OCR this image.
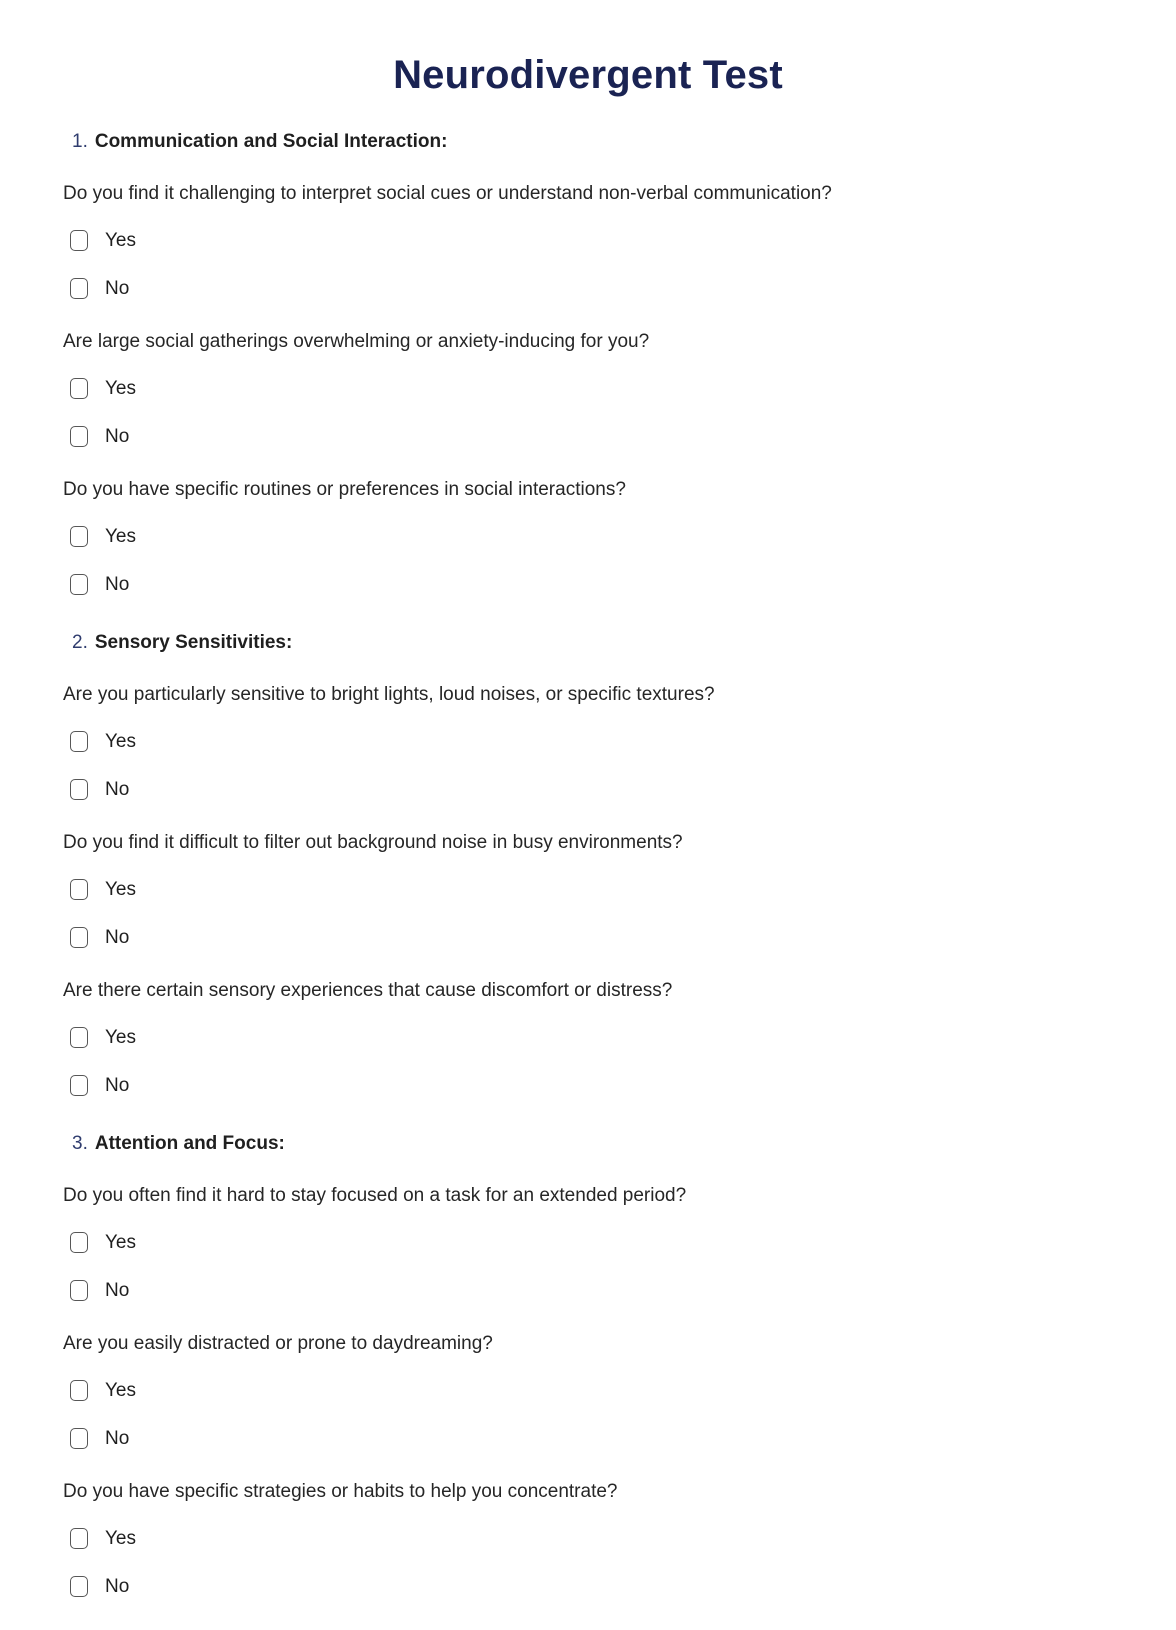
Neurodivergent Test
1. Communication and Social Interaction:

Do you find it challenging to interpret social cues or understand non-verbal communication?

Yes
No

Are large social gatherings overwhelming or anxiety-inducing for you?

Yes
No

Do you have specific routines or preferences in social interactions?

Yes
No
2. Sensory Sensitivities:

Are you particularly sensitive to bright lights, loud noises, or specific textures?

Yes
No

Do you find it difficult to filter out background noise in busy environments?

Yes
No

Are there certain sensory experiences that cause discomfort or distress?

Yes
No
3. Attention and Focus:

Do you often find it hard to stay focused on a task for an extended period?

Yes
No

Are you easily distracted or prone to daydreaming?

Yes
No

Do you have specific strategies or habits to help you concentrate?

Yes
No
